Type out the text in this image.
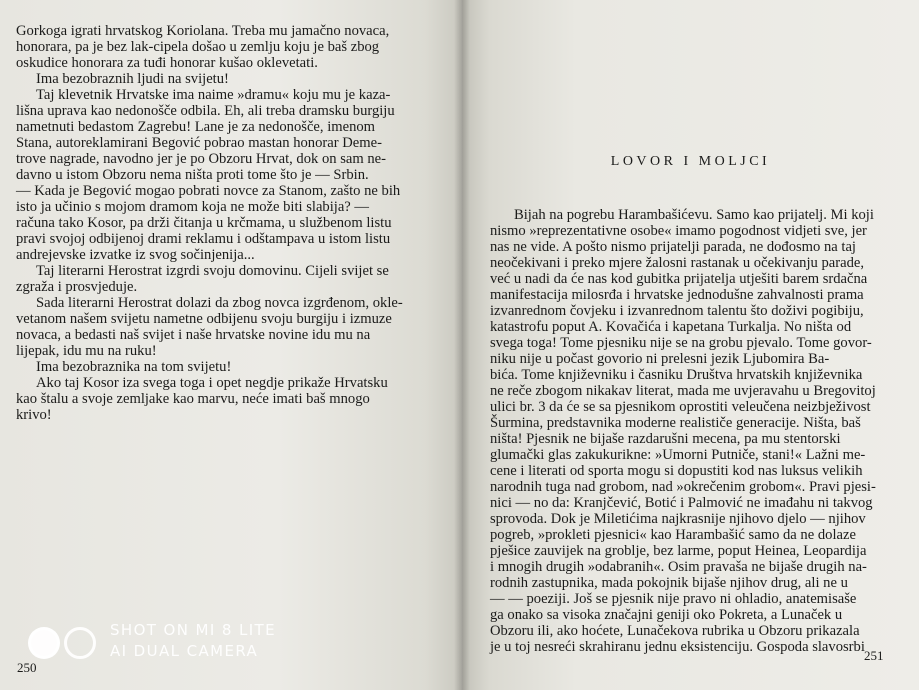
Gorkoga igrati hrvatskog Koriolana. Treba mu jamačno novaca,
honorara, pa je bez lak-cipela došao u zemlju koju je baš zbog
oskudice honorara za tuđi honorar kušao oklevetati.
Ima bezobraznih ljudi na svijetu!
Taj klevetnik Hrvatske ima naime »dramu« koju mu je kaza-
lišna uprava kao nedonošče odbila. Eh, ali treba dramsku burgiju
nametnuti bedastom Zagrebu! Lane je za nedonošče, imenom
Stana, autoreklamirani Begović pobrao mastan honorar Deme-
trove nagrade, navodno jer je po Obzoru Hrvat, dok on sam ne-
davno u istom Obzoru nema ništa proti tome što je — Srbin.
— Kada je Begović mogao pobrati novce za Stanom, zašto ne bih
isto ja učinio s mojom dramom koja ne može biti slabija? —
računa tako Kosor, pa drži čitanja u krčmama, u službenom listu
pravi svojoj odbijenoj drami reklamu i odštampava u istom listu
andrejevske izvatke iz svog sočinjenija...
Taj literarni Herostrat izgrdi svoju domovinu. Cijeli svijet se
zgraža i prosvjeduje.
Sada literarni Herostrat dolazi da zbog novca izgrđenom, okle-
vetanom našem svijetu nametne odbijenu svoju burgiju i izmuze
novaca, a bedasti naš svijet i naše hrvatske novine idu mu na
lijepak, idu mu na ruku!
Ima bezobraznika na tom svijetu!
Ako taj Kosor iza svega toga i opet negdje prikaže Hrvatsku
kao štalu a svoje zemljake kao marvu, neće imati baš mnogo
krivo!
250
LOVOR I MOLJCI
Bijah na pogrebu Harambašićevu. Samo kao prijatelj. Mi koji
nismo »reprezentativne osobe« imamo pogodnost vidjeti sve, jer
nas ne vide. A pošto nismo prijatelji parada, ne dođosmo na taj
neočekivani i preko mjere žalosni rastanak u očekivanju parade,
već u nadi da će nas kod gubitka prijatelja utješiti barem srdačna
manifestacija milosrđa i hrvatske jednodušne zahvalnosti prama
izvanrednom čovjeku i izvanrednom talentu što doživi pogibiju,
katastrofu poput A. Kovačića i kapetana Turkalja. No ništa od
svega toga! Tome pjesniku nije se na grobu pjevalo. Tome govor-
niku nije u počast govorio ni prelesni jezik Ljubomira Ba-
bića. Tome književniku i časniku Društva hrvatskih književnika
ne reče zbogom nikakav literat, mada me uvjeravahu u Bregovitoj
ulici br. 3 da će se sa pjesnikom oprostiti veleučena neizbježivost
Šurmina, predstavnika moderne realističe generacije. Ništa, baš
ništa! Pjesnik ne bijaše razdarušni mecena, pa mu stentorski
glumački glas zakukurikne: »Umorni Putniče, stani!« Lažni me-
cene i literati od sporta mogu si dopustiti kod nas luksus velikih
narodnih tuga nad grobom, nad »okrečenim grobom«. Pravi pjesi-
nici — no da: Kranjčević, Botić i Palmović ne imađahu ni takvog
sprovoda. Dok je Miletićima najkrasnije njihovo djelo — njihov
pogreb, »prokleti pjesnici« kao Harambašić samo da ne dolaze
pješice zauvijek na groblje, bez larme, poput Heinea, Leopardija
i mnogih drugih »odabranih«. Osim pravaša ne bijaše drugih na-
rodnih zastupnika, mada pokojnik bijaše njihov drug, ali ne u
— — poeziji. Još se pjesnik nije pravo ni ohladio, anatemisaše
ga onako sa visoka značajni geniji oko Pokreta, a Lunaček u
Obzoru ili, ako hoćete, Lunačekova rubrika u Obzoru prikazala
je u toj nesreći skrahiranu jednu eksistenciju. Gospoda slavosrbi
251
SHOT ON MI 8 LITE
AI DUAL CAMERA
